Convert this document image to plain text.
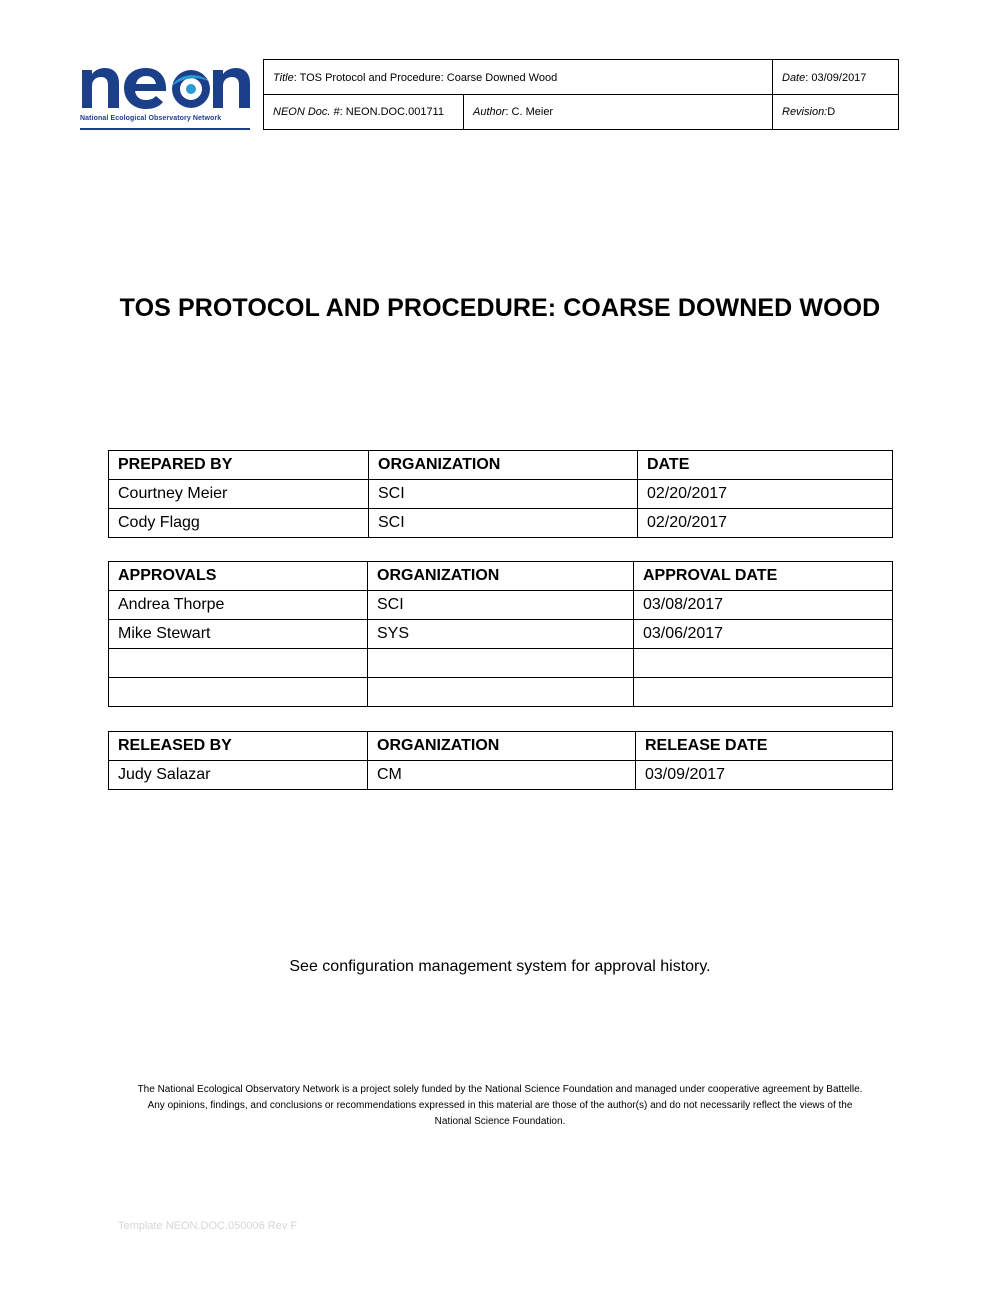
National Ecological Observatory Network
Title : TOS Protocol and Procedure: Coarse Downed Wood	Date : 03/09/2017
NEON Doc. # : NEON.DOC.001711	Author : C. Meier	Revision: D
TOS PROTOCOL AND PROCEDURE: COARSE DOWNED WOOD
PREPARED BY	ORGANIZATION	DATE
Courtney Meier	SCI	02/20/2017
Cody Flagg	SCI	02/20/2017
APPROVALS	ORGANIZATION	APPROVAL DATE
Andrea Thorpe	SCI	03/08/2017
Mike Stewart	SYS	03/06/2017

RELEASED BY	ORGANIZATION	RELEASE DATE
Judy Salazar	CM	03/09/2017
See configuration management system for approval history.
The National Ecological Observatory Network is a project solely funded by the National Science Foundation and managed under cooperative agreement by Battelle.
Any opinions, findings, and conclusions or recommendations expressed in this material are those of the author(s) and do not necessarily reflect the views of the
National Science Foundation.
Template NEON.DOC.050006 Rev F
